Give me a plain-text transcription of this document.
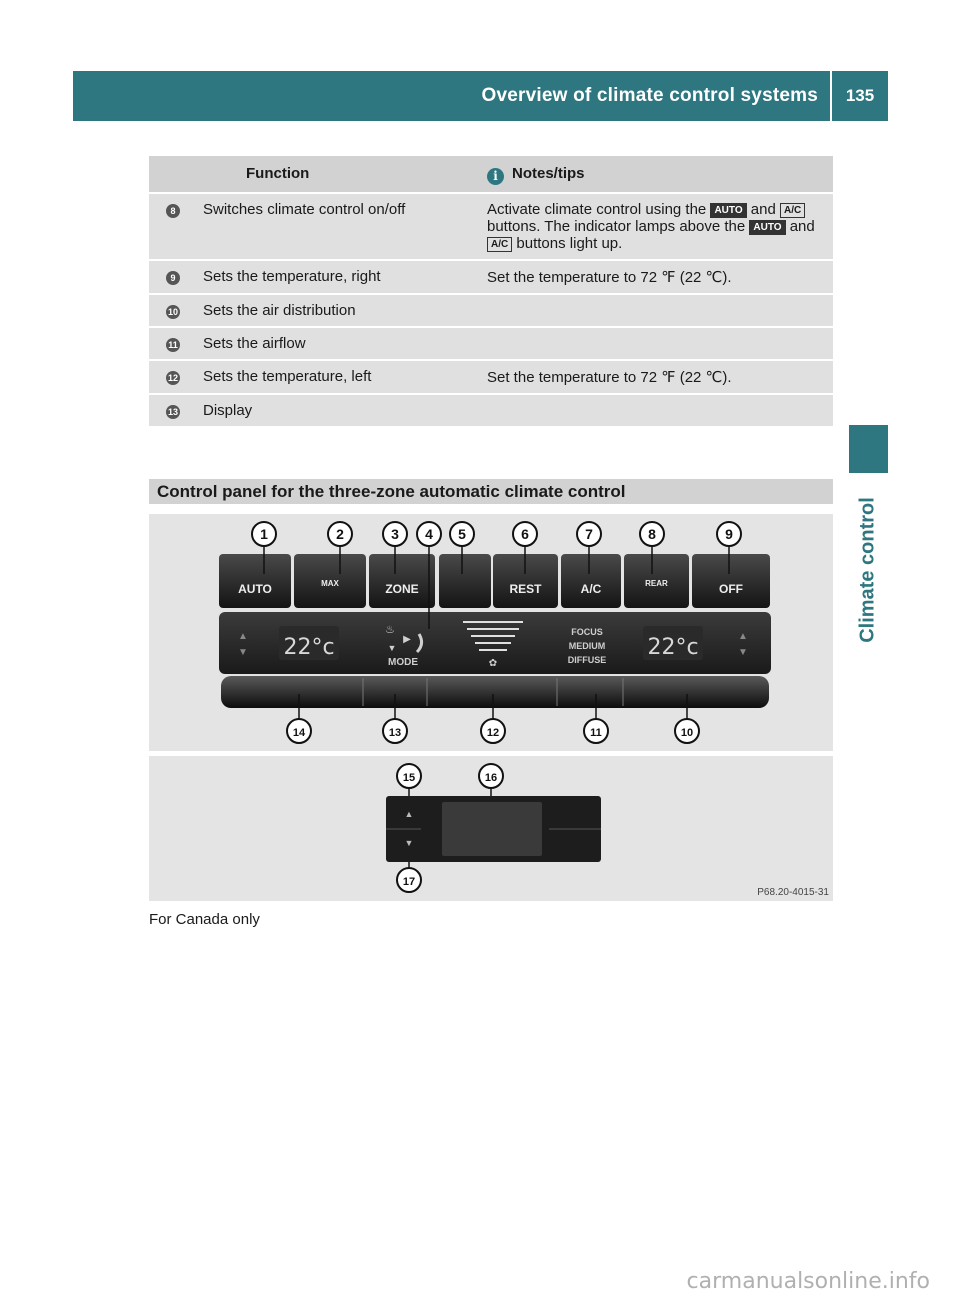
Overview of climate control systems	135
Climate control
	Function	i Notes/tips
8	Switches climate control on/off	Activate climate control using the AUTO and A/C buttons. The indicator lamps above the AUTO and A/C buttons light up.
9	Sets the temperature, right	Set the temperature to 72 ℉ (22 ℃).
10	Sets the air distribution	
11	Sets the airflow	
12	Sets the temperature, left	Set the temperature to 72 ℉ (22 ℃).
13	Display	
Control panel for the three-zone automatic climate control
AUTO	MAX	ZONE	REST	A/C	REAR	OFF
22°c	22°c
▲
▼
▲
▼
MODE
♨
▼
▶
✿
FOCUS
MEDIUM
DIFFUSE
1	2	3 4 5	6	7	8	9
14	13	12	11	10
15	16
17
▲
▼
P68.20-4015-31
For Canada only
carmanualsonline.info
